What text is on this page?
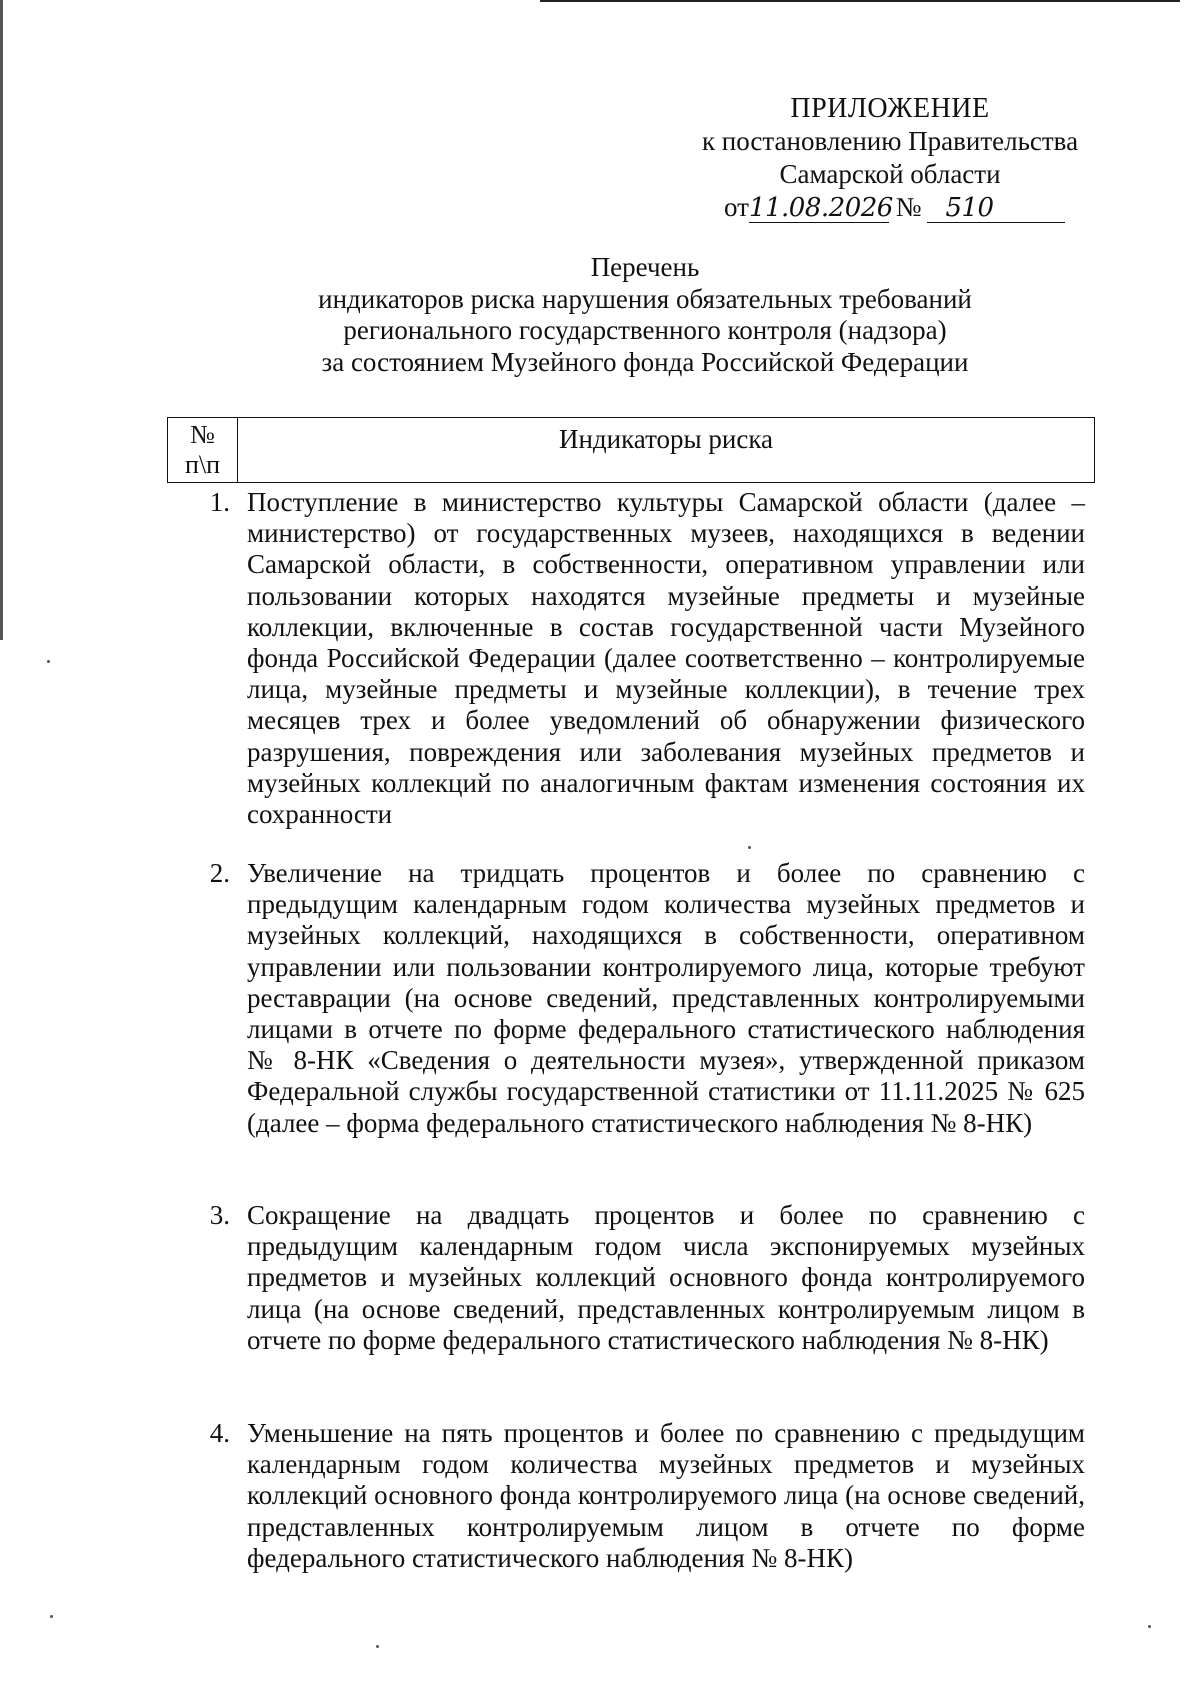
ПРИЛОЖЕНИЕ
к постановлению Правительства
Самарской области
от11.08.2026 № 510
Перечень
индикаторов риска нарушения обязательных требований
регионального государственного контроля (надзора)
за состоянием Музейного фонда Российской Федерации
№
п\п
Индикаторы риска
1. Поступление в министерство культуры Самарской области (далее – министерство) от государственных музеев, находящихся в ведении Самарской области, в собственности, оперативном управлении или пользовании которых находятся музейные предметы и музейные коллекции, включенные в состав государственной части Музейного фонда Российской Федерации (далее соответственно – контролируемые лица, музейные предметы и музейные коллекции), в течение трех месяцев трех и более уведомлений об обнаружении физического разрушения, повреждения или заболевания музейных предметов и музейных коллекций по аналогичным фактам изменения состояния их сохранности
2. Увеличение на тридцать процентов и более по сравнению с предыдущим календарным годом количества музейных предметов и музейных коллекций, находящихся в собственности, оперативном управлении или пользовании контролируемого лица, которые требуют реставрации (на основе сведений, представленных контролируемыми лицами в отчете по форме федерального статистического наблюдения № 8-НК «Сведения о деятельности музея», утвержденной приказом Федеральной службы государственной статистики от 11.11.2025 № 625 (далее – форма федерального статистического наблюдения № 8-НК)
3. Сокращение на двадцать процентов и более по сравнению с предыдущим календарным годом числа экспонируемых музейных предметов и музейных коллекций основного фонда контролируемого лица (на основе сведений, представленных контролируемым лицом в отчете по форме федерального статистического наблюдения № 8-НК)
4. Уменьшение на пять процентов и более по сравнению с предыдущим календарным годом количества музейных предметов и музейных коллекций основного фонда контролируемого лица (на основе сведений, представленных контролируемым лицом в отчете по форме федерального статистического наблюдения № 8-НК)
